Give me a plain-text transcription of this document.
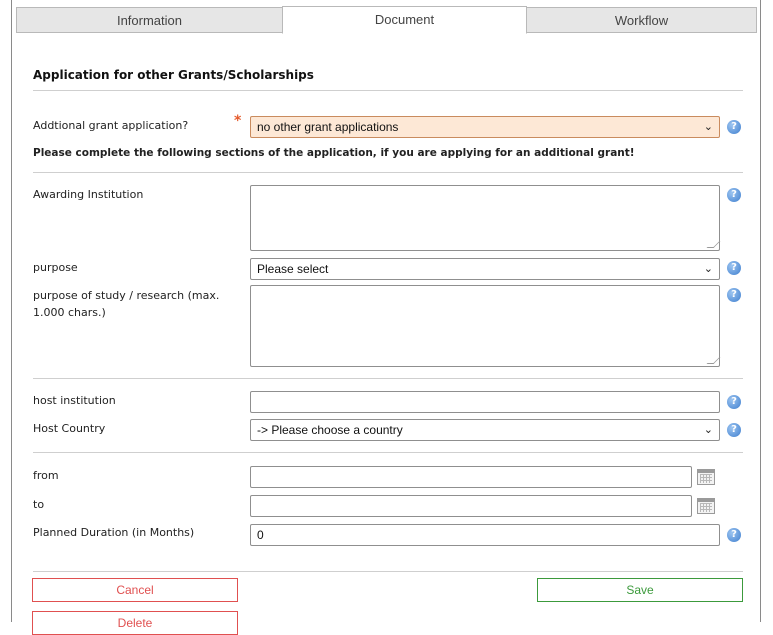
Information	Document	Workflow
Application for other Grants/Scholarships
Addtional grant application?	*	no other grant applications	⌄	?
Please complete the following sections of the application, if you are applying for an additional grant!
Awarding Institution	?
purpose	Please select	⌄	?
purpose of study / research (max.
1.000 chars.)
?
host institution	?
Host Country	-> Please choose a country	⌄	?
from
to
Planned Duration (in Months)	0	?
Cancel	Save
Delete
